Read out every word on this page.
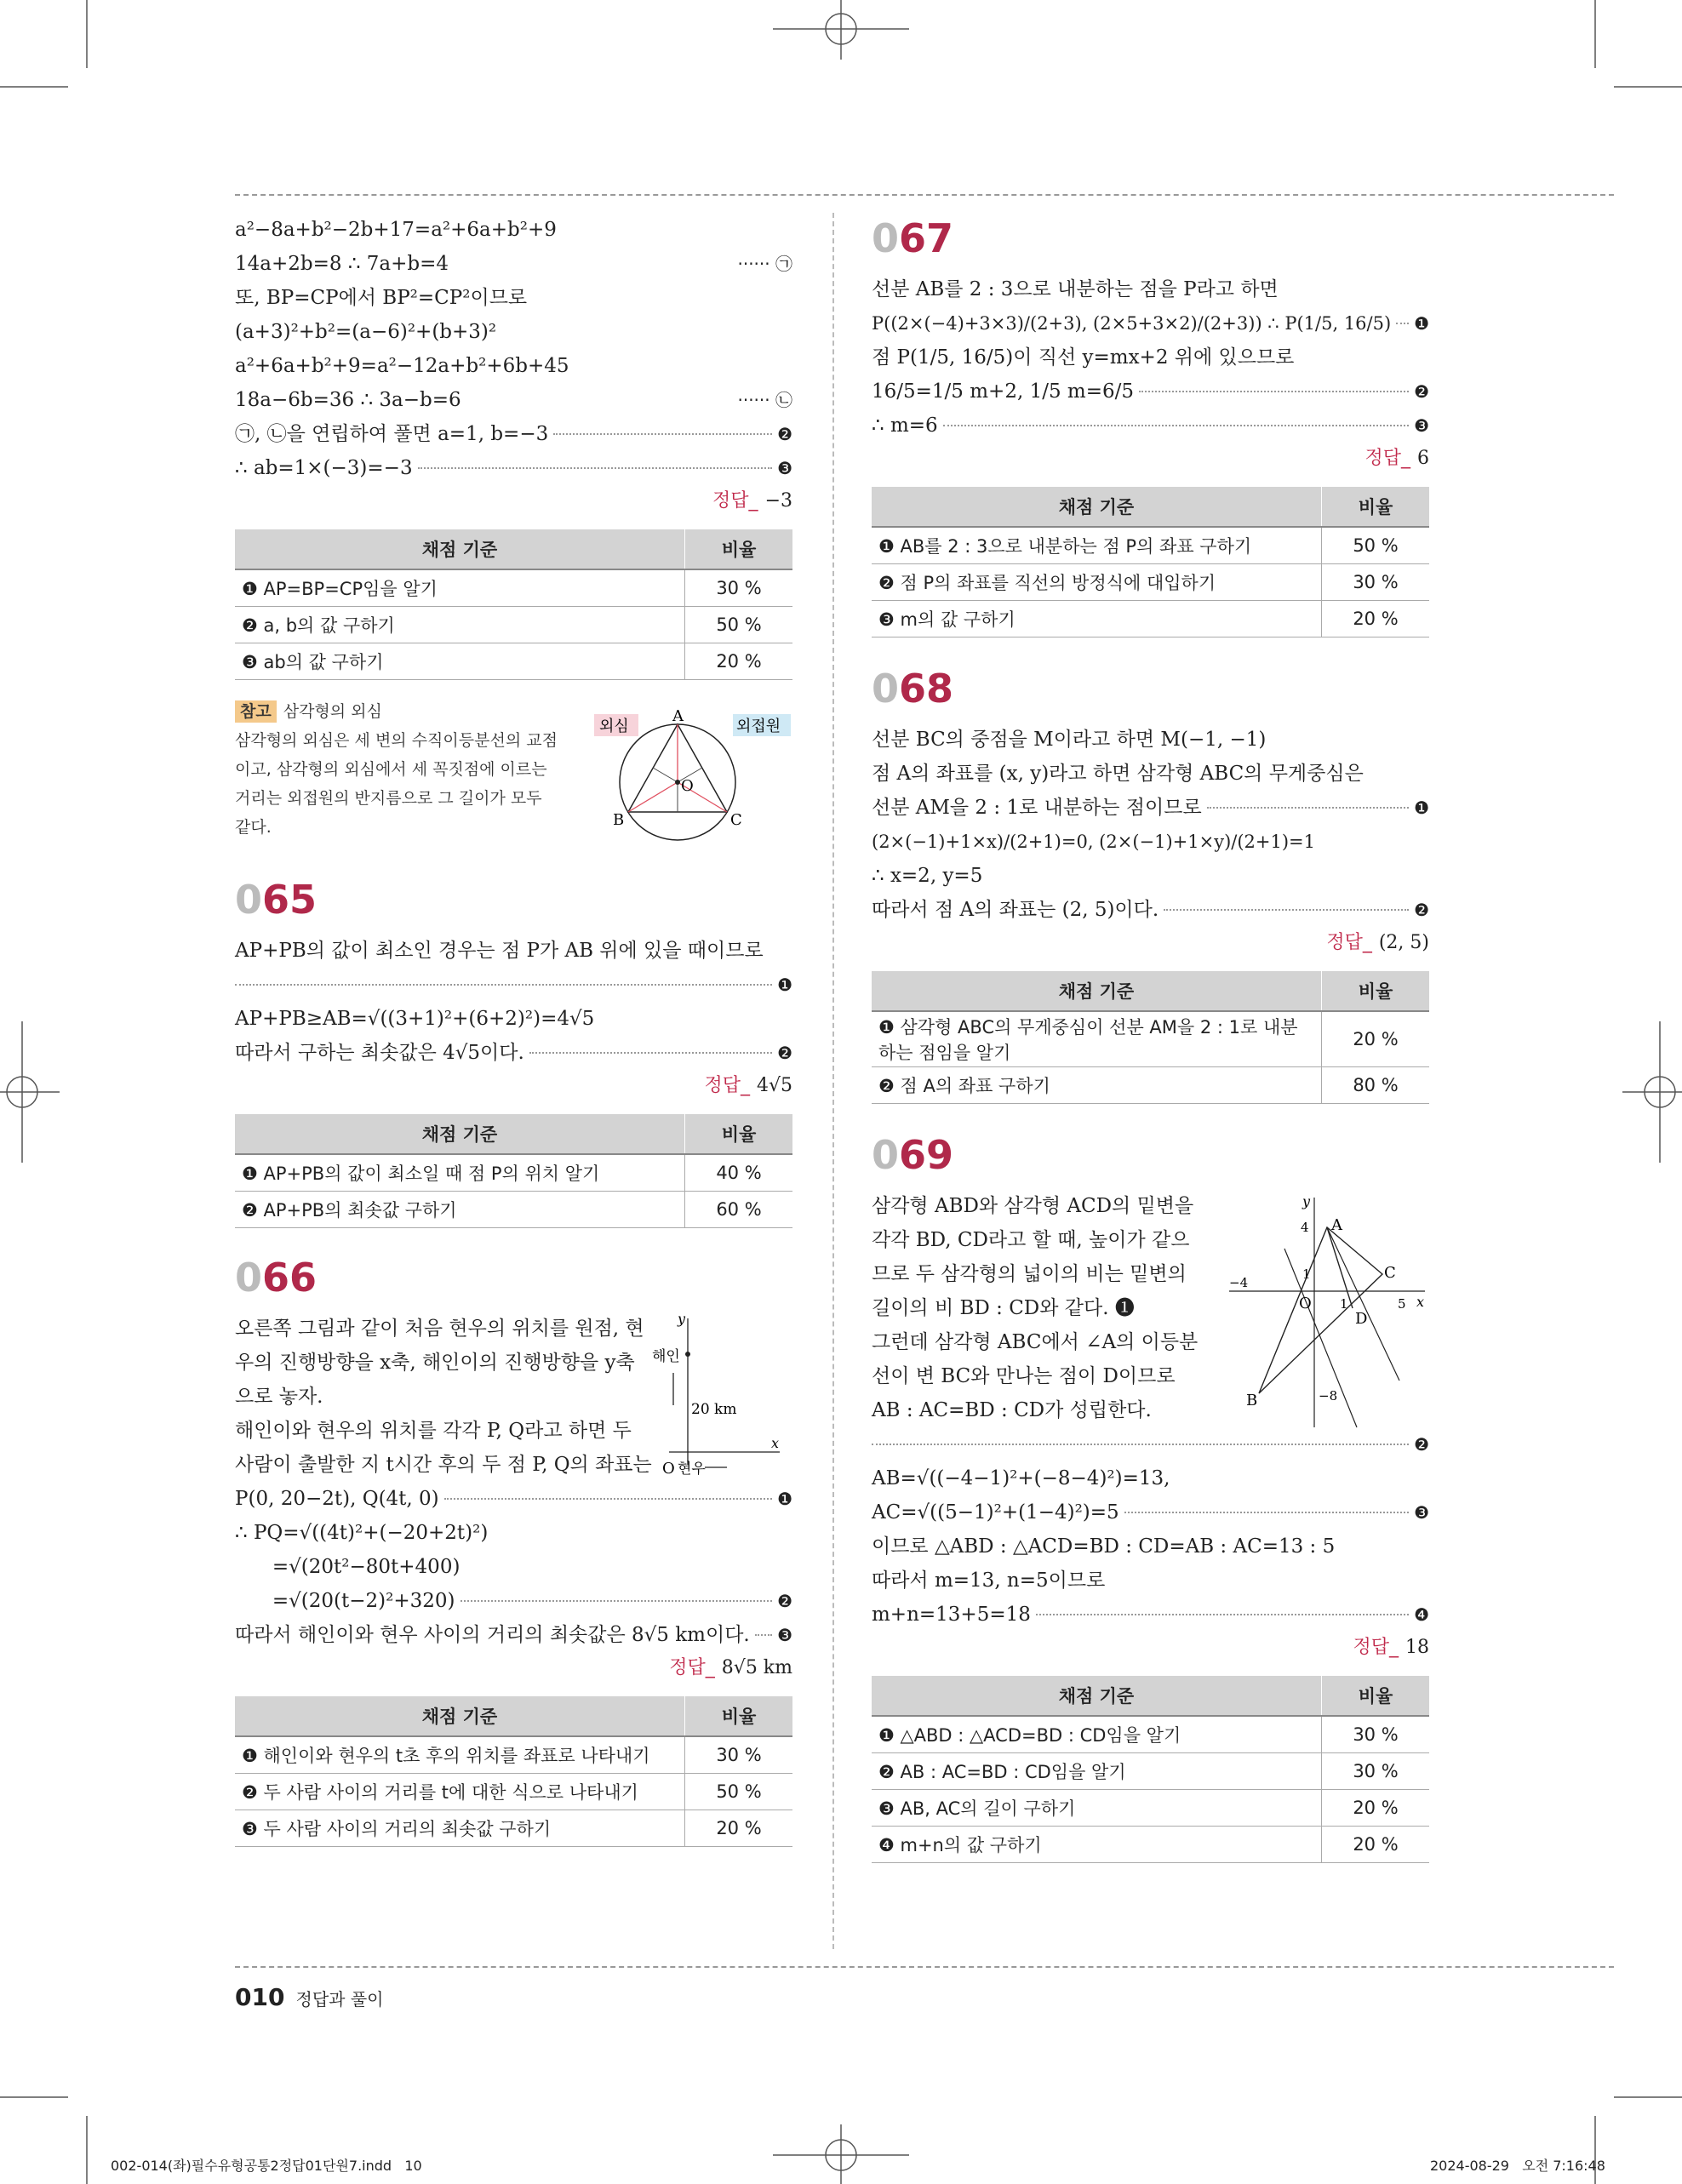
a²−8a+b²−2b+17=a²+6a+b²+9
14a+2b=8 ∴ 7a+b=4	······ ㉠
또, BP=CP에서 BP²=CP²이므로
(a+3)²+b²=(a−6)²+(b+3)²
a²+6a+b²+9=a²−12a+b²+6b+45
18a−6b=36 ∴ 3a−b=6	······ ㉡
㉠, ㉡을 연립하여 풀면 a=1, b=−3	❷
∴ ab=1×(−3)=−3	❸
정답_ −3
채점 기준	비율
❶ AP=BP=CP임을 알기	30 %
❷ a, b의 값 구하기	50 %
❸ ab의 값 구하기	20 %
참고 삼각형의 외심
삼각형의 외심은 세 변의 수직이등분선의 교점이고, 삼각형의 외심에서 세 꼭짓점에 이르는 거리는 외접원의 반지름으로 그 길이가 모두 같다.
외심	외접원
A
B	C
O
065
AP+PB의 값이 최소인 경우는 점 P가 AB 위에 있을 때이므로
❶
AP+PB≥AB=√((3+1)²+(6+2)²)=4√5
따라서 구하는 최솟값은 4√5이다.	❷
정답_ 4√5
채점 기준	비율
❶ AP+PB의 값이 최소일 때 점 P의 위치 알기	40 %
❷ AP+PB의 최솟값 구하기	60 %
066
오른쪽 그림과 같이 처음 현우의 위치를 원점, 현우의 진행방향을 x축, 해인이의 진행방향을 y축으로 놓자.
해인이와 현우의 위치를 각각 P, Q라고 하면 두 사람이 출발한 지 t시간 후의 두 점 P, Q의 좌표는
y
x
O
해인
20 km
현우
P(0, 20−2t), Q(4t, 0)	❶
∴ PQ=√((4t)²+(−20+2t)²)
=√(20t²−80t+400)
=√(20(t−2)²+320)	❷
따라서 해인이와 현우 사이의 거리의 최솟값은 8√5 km이다. ❸
정답_ 8√5 km
채점 기준	비율
❶ 해인이와 현우의 t초 후의 위치를 좌표로 나타내기	30 %
❷ 두 사람 사이의 거리를 t에 대한 식으로 나타내기	50 %
❸ 두 사람 사이의 거리의 최솟값 구하기	20 %
067
선분 AB를 2 : 3으로 내분하는 점을 P라고 하면
P((2×(−4)+3×3)/(2+3), (2×5+3×2)/(2+3)) ∴ P(1/5, 16/5) ❶
점 P(1/5, 16/5)이 직선 y=mx+2 위에 있으므로
16/5=1/5 m+2, 1/5 m=6/5	❷
∴ m=6	❸
정답_ 6
채점 기준	비율
❶ AB를 2 : 3으로 내분하는 점 P의 좌표 구하기	50 %
❷ 점 P의 좌표를 직선의 방정식에 대입하기	30 %
❸ m의 값 구하기	20 %
068
선분 BC의 중점을 M이라고 하면 M(−1, −1)
점 A의 좌표를 (x, y)라고 하면 삼각형 ABC의 무게중심은
선분 AM을 2 : 1로 내분하는 점이므로	❶
(2×(−1)+1×x)/(2+1)=0, (2×(−1)+1×y)/(2+1)=1
∴ x=2, y=5
따라서 점 A의 좌표는 (2, 5)이다.	❷
정답_ (2, 5)
채점 기준	비율
❶ 삼각형 ABC의 무게중심이 선분 AM을 2 : 1로 내분하는 점임을 알기	20 %
❷ 점 A의 좌표 구하기	80 %
069
삼각형 ABD와 삼각형 ACD의 밑변을 각각 BD, CD라고 할 때, 높이가 같으므로 두 삼각형의 넓이의 비는 밑변의 길이의 비 BD : CD와 같다. ❶
그런데 삼각형 ABC에서 ∠A의 이등분선이 변 BC와 만나는 점이 D이므로 AB : AC=BD : CD가 성립한다.
y
x
O
A
B
C
D
4
1
−4
1	5
−8
❷
AB=√((−4−1)²+(−8−4)²)=13,
AC=√((5−1)²+(1−4)²)=5	❸
이므로 △ABD : △ACD=BD : CD=AB : AC=13 : 5
따라서 m=13, n=5이므로
m+n=13+5=18	❹
정답_ 18
채점 기준	비율
❶ △ABD : △ACD=BD : CD임을 알기	30 %
❷ AB : AC=BD : CD임을 알기	30 %
❸ AB, AC의 길이 구하기	20 %
❹ m+n의 값 구하기	20 %
010 정답과 풀이
002-014(좌)필수유형공통2정답01단원7.indd   10	2024-08-29   오전 7:16:48
